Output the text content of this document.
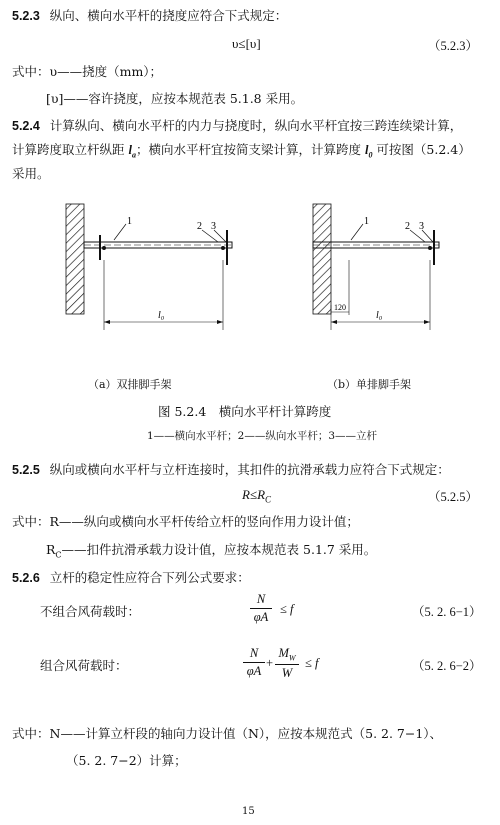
5.2.3 纵向、横向水平杆的挠度应符合下式规定：
υ≤[υ]	（5.2.3）
式中：υ——挠度（mm）；
[υ]——容许挠度，应按本规范表 5.1.8 采用。
5.2.4 计算纵向、横向水平杆的内力与挠度时，纵向水平杆宜按三跨连续梁计算，
计算跨度取立杆纵距 $l_a$；横向水平杆宜按简支梁计算，计算跨度 $l_0$ 可按图（5.2.4）
采用。
1	2 3
l₀
1	2 3
120
l₀
（a）双排脚手架	（b）单排脚手架
图 5.2.4　横向水平杆计算跨度
1——横向水平杆；2——纵向水平杆；3——立杆
5.2.5 纵向或横向水平杆与立杆连接时，其扣件的抗滑承载力应符合下式规定：
$R\le R_C$	（5.2.5）
式中：R——纵向或横向水平杆传给立杆的竖向作用力设计值；
$R_C——$扣件抗滑承载力设计值，应按本规范表 5.1.7 采用。
5.2.6 立杆的稳定性应符合下列公式要求：
不组合风荷载时：
N
φA
≤ f	（5. 2. 6−1）
组合风荷载时：
N
φA
+
$M_W$
W
≤ f	（5. 2. 6−2）
式中：N——计算立杆段的轴向力设计值（N），应按本规范式（5. 2. 7−1）、
（5. 2. 7−2）计算；
15
